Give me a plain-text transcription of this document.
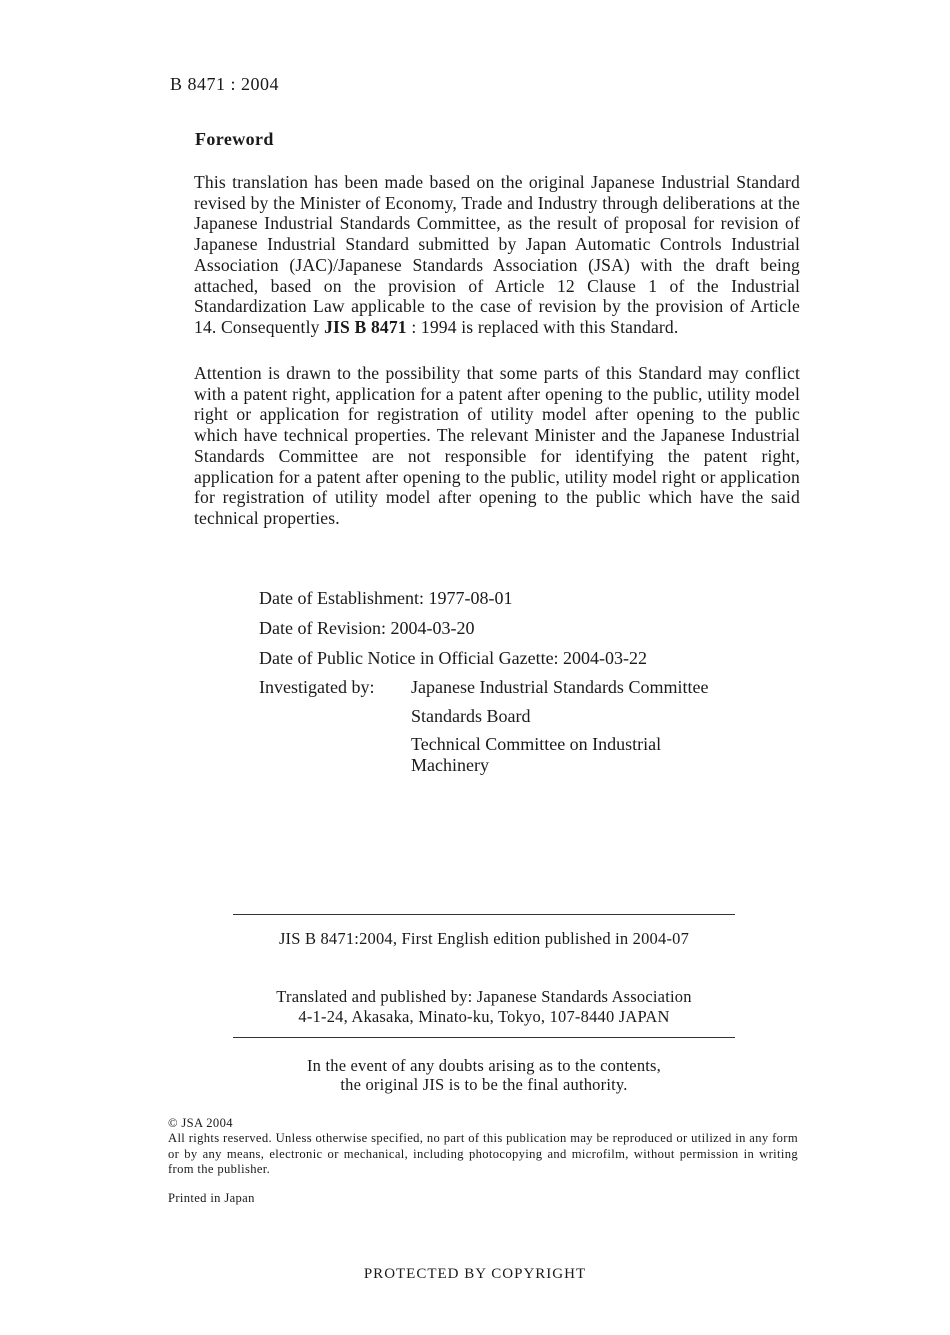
B 8471 : 2004
Foreword
This translation has been made based on the original Japanese Industrial Standard revised by the Minister of Economy, Trade and Industry through deliberations at the Japanese Industrial Standards Committee, as the result of proposal for revision of Japanese Industrial Standard submitted by Japan Automatic Controls Industrial Association (JAC)/Japanese Standards Association (JSA) with the draft being attached, based on the provision of Article 12 Clause 1 of the Industrial Standardization Law applicable to the case of revision by the provision of Article 14. Consequently JIS B 8471 : 1994 is replaced with this Standard.
Attention is drawn to the possibility that some parts of this Standard may conflict with a patent right, application for a patent after opening to the public, utility model right or application for registration of utility model after opening to the public which have technical properties. The relevant Minister and the Japanese Industrial Standards Committee are not responsible for identifying the patent right, application for a patent after opening to the public, utility model right or application for registration of utility model after opening to the public which have the said technical properties.
Date of Establishment: 1977-08-01
Date of Revision: 2004-03-20
Date of Public Notice in Official Gazette: 2004-03-22
Investigated by: Japanese Industrial Standards Committee
Standards Board
Technical Committee on Industrial Machinery
JIS B 8471:2004, First English edition published in 2004-07
Translated and published by: Japanese Standards Association
4-1-24, Akasaka, Minato-ku, Tokyo, 107-8440 JAPAN
In the event of any doubts arising as to the contents,
the original JIS is to be the final authority.
© JSA 2004
All rights reserved. Unless otherwise specified, no part of this publication may be reproduced or utilized in any form or by any means, electronic or mechanical, including photocopying and microfilm, without permission in writing from the publisher.
Printed in Japan
PROTECTED BY COPYRIGHT
